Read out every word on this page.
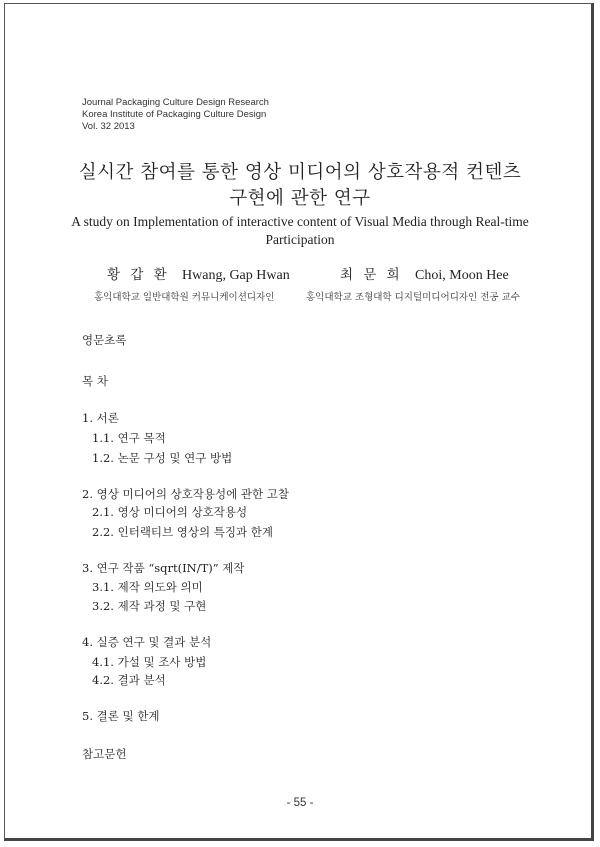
Journal Packaging Culture Design Research
Korea Institute of Packaging Culture Design
Vol. 32 2013
실시간 참여를 통한 영상 미디어의 상호작용적 컨텐츠
구현에 관한 연구
A study on Implementation of interactive content of Visual Media through Real-time Participation
황 갑 환 Hwang, Gap Hwan	최 문 희 Choi, Moon Hee
홍익대학교 일반대학원 커뮤니케이션디자인	홍익대학교 조형대학 디지털미디어디자인 전공 교수
영문초록
목 차
1. 서론
1.1. 연구 목적
1.2. 논문 구성 및 연구 방법
2. 영상 미디어의 상호작용성에 관한 고찰
2.1. 영상 미디어의 상호작용성
2.2. 인터랙티브 영상의 특징과 한계
3. 연구 작품 “sqrt(IN/T)” 제작
3.1. 제작 의도와 의미
3.2. 제작 과정 및 구현
4. 실증 연구 및 결과 분석
4.1. 가설 및 조사 방법
4.2. 결과 분석
5. 결론 및 한계
참고문헌
- 55 -
